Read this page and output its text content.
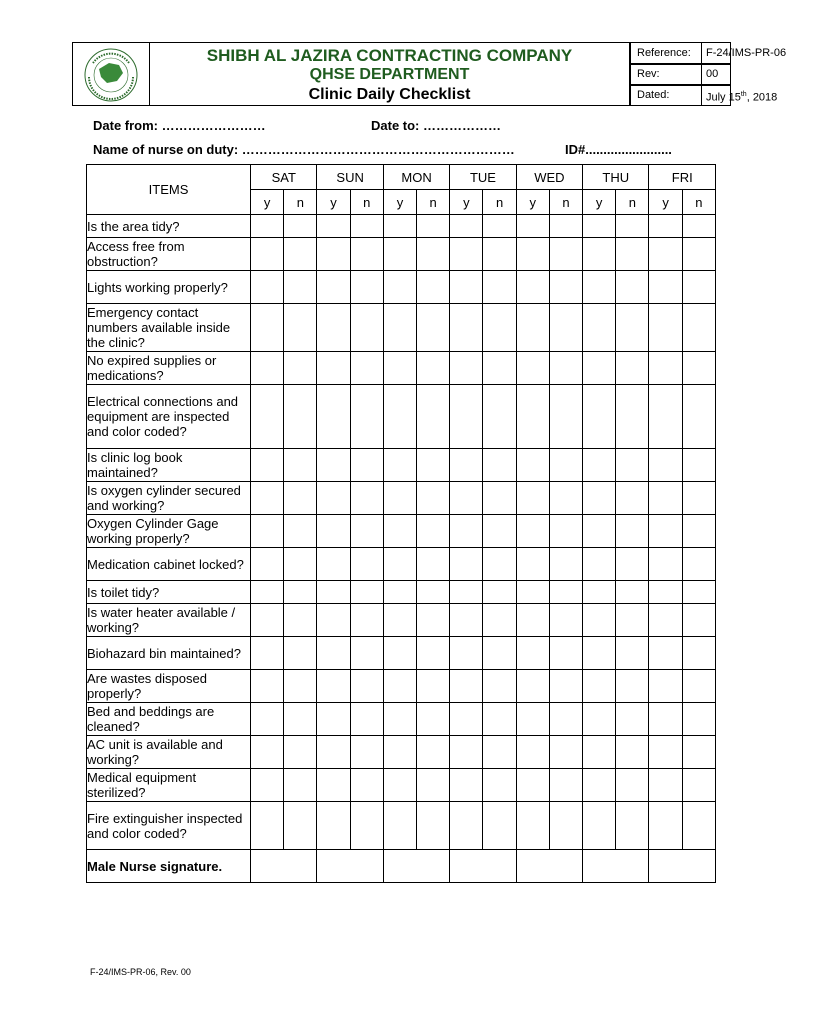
SHIBH AL JAZIRA CONTRACTING COMPANY
QHSE DEPARTMENT
Clinic Daily Checklist
Reference:	F-24/IMS-PR-06
Rev:	00
Dated:	July 15th, 2018
Date from: ……………………	Date to: ………………
Name of nurse on duty: ………………………………………………………	ID#........................
ITEMS	SAT		SUN		MON		TUE		WED		THU		FRI	
	y	n	y	n	y	n	y	n	y	n	y	n	y	n
Is the area tidy?														
Access free from obstruction?														
Lights working properly?														
Emergency contact numbers available inside the clinic?														
No expired supplies or medications?														
Electrical connections and equipment are inspected and color coded?														
Is clinic log book maintained?														
Is oxygen cylinder secured and working?														
Oxygen Cylinder Gage working properly?														
Medication cabinet locked?														
Is toilet tidy?														
Is water heater available / working?														
Biohazard bin maintained?														
Are wastes disposed properly?														
Bed and beddings are cleaned?														
AC unit is available and working?														
Medical equipment sterilized?														
Fire extinguisher inspected and color coded?														
Male Nurse signature.														
F-24/IMS-PR-06, Rev. 00
